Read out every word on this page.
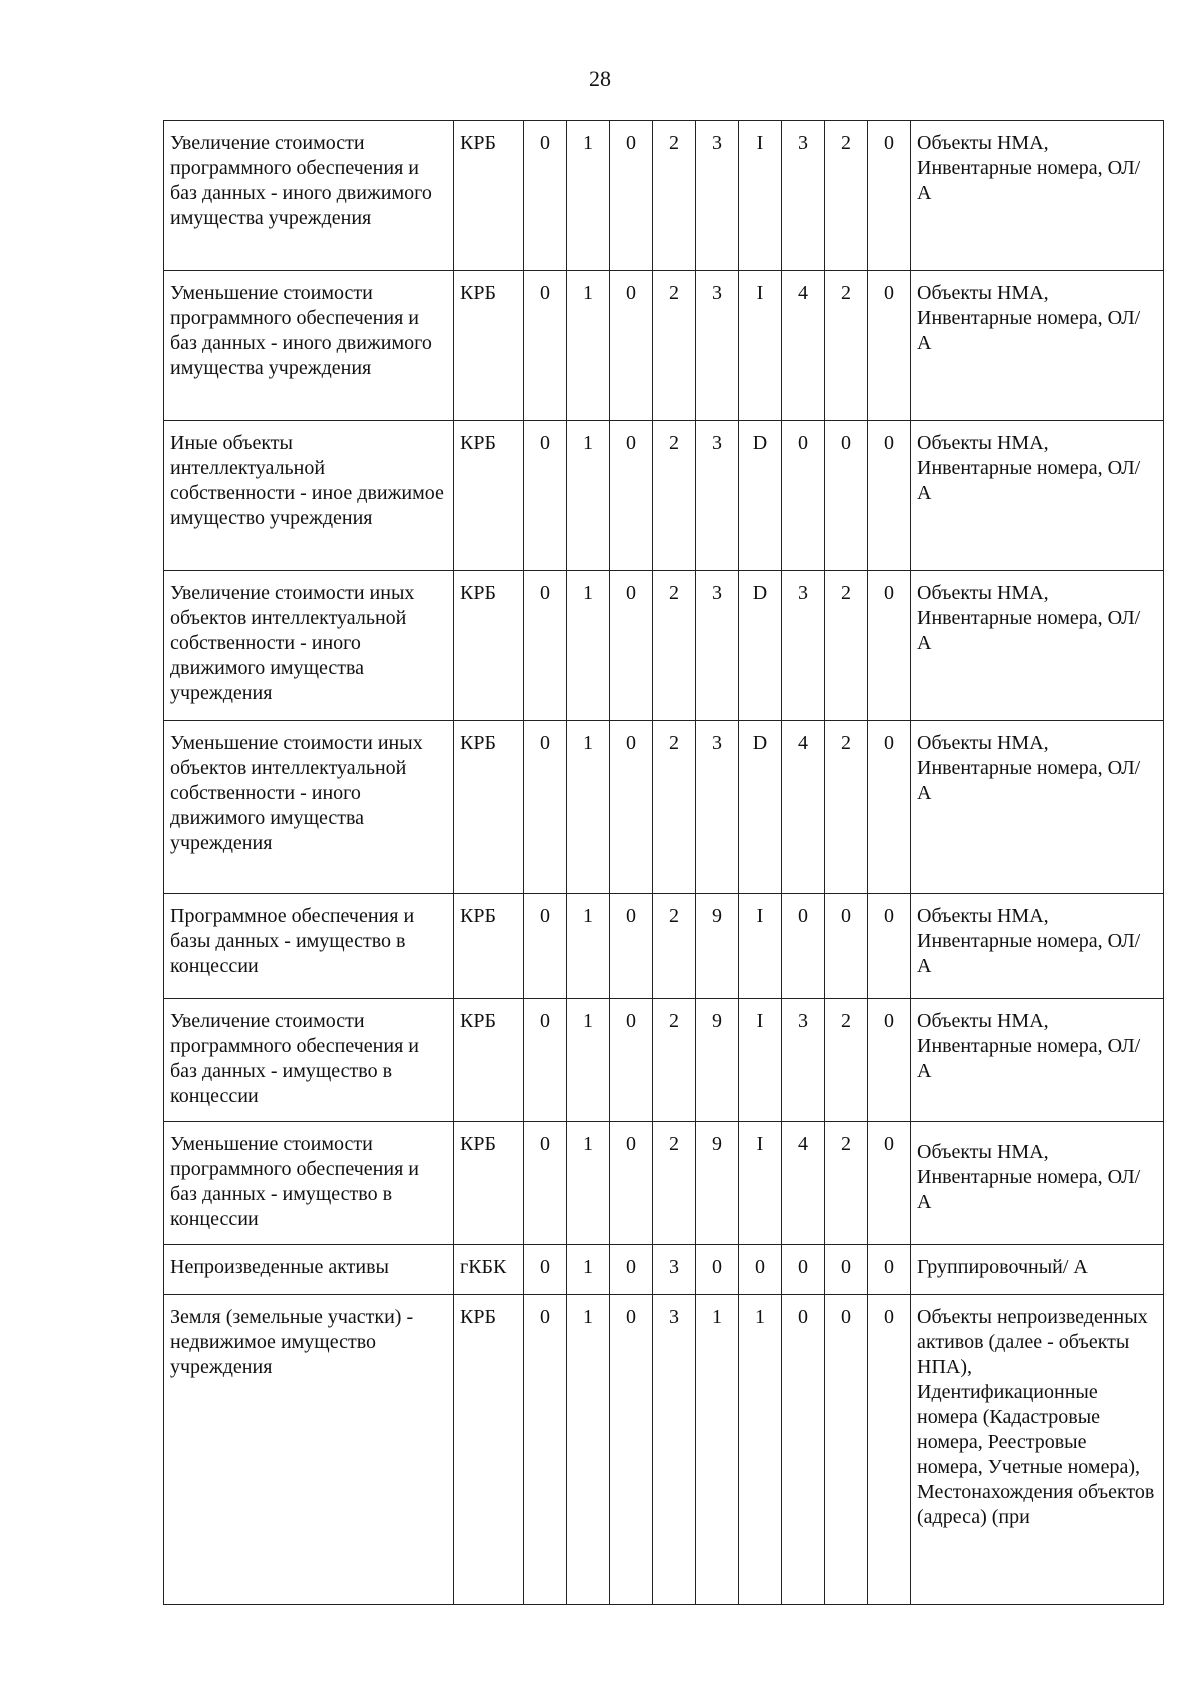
28
Увеличение стоимости программного обеспечения и баз данных - иного движимого имущества учреждения	КРБ	0	1	0	2	3	I	3	2	0	Объекты НМА, Инвентарные номера, ОЛ/ А
Уменьшение стоимости программного обеспечения и баз данных - иного движимого имущества учреждения	КРБ	0	1	0	2	3	I	4	2	0	Объекты НМА, Инвентарные номера, ОЛ/ А
Иные объекты интеллектуальной собственности - иное движимое имущество учреждения	КРБ	0	1	0	2	3	D	0	0	0	Объекты НМА, Инвентарные номера, ОЛ/ А
Увеличение стоимости иных объектов интеллектуальной собственности - иного движимого имущества учреждения	КРБ	0	1	0	2	3	D	3	2	0	Объекты НМА, Инвентарные номера, ОЛ/ А
Уменьшение стоимости иных объектов интеллектуальной собственности - иного движимого имущества учреждения	КРБ	0	1	0	2	3	D	4	2	0	Объекты НМА, Инвентарные номера, ОЛ/ А
Программное обеспечения и базы данных - имущество в концессии	КРБ	0	1	0	2	9	I	0	0	0	Объекты НМА, Инвентарные номера, ОЛ/ А
Увеличение стоимости программного обеспечения и баз данных - имущество в концессии	КРБ	0	1	0	2	9	I	3	2	0	Объекты НМА, Инвентарные номера, ОЛ/ А
Уменьшение стоимости программного обеспечения и баз данных - имущество в концессии	КРБ	0	1	0	2	9	I	4	2	0	Объекты НМА, Инвентарные номера, ОЛ/ А
Непроизведенные активы	гКБК	0	1	0	3	0	0	0	0	0	Группировочный/ А
Земля (земельные участки) - недвижимое имущество учреждения	КРБ	0	1	0	3	1	1	0	0	0	Объекты непроизведенных активов (далее - объекты НПА), Идентификационные номера (Кадастровые номера, Реестровые номера, Учетные номера), Местонахождения объектов (адреса) (при
